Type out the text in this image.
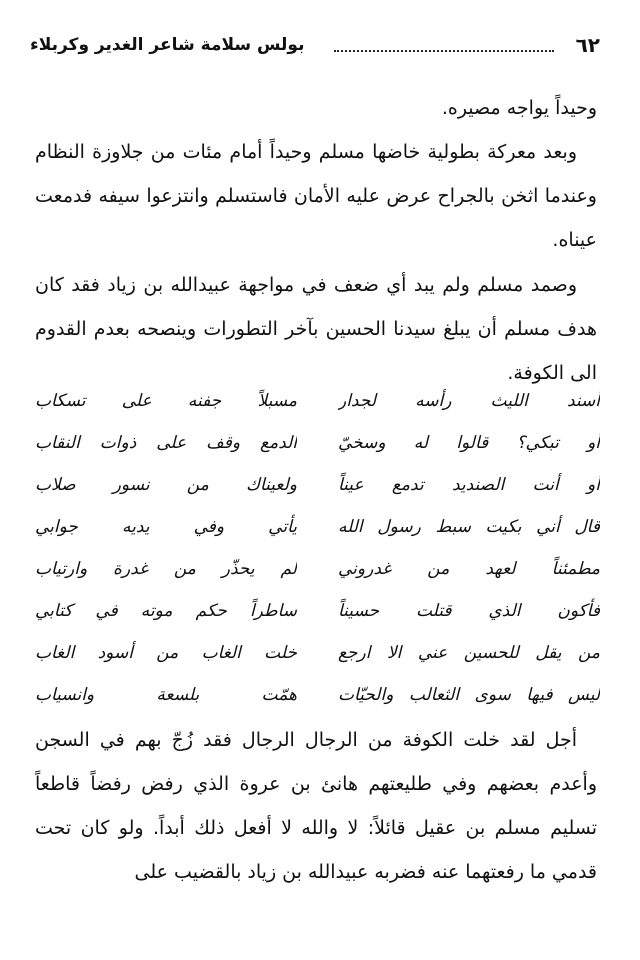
٦٢
بولس سلامة شاعر الغدير وكربلاء

وحيداً يواجه مصيره.

وبعد معركة بطولية خاضها مسلم وحيداً أمام مئات من جلاوزة النظام وعندما اثخن بالجراح عرض عليه الأمان فاستسلم وانتزعوا سيفه فدمعت عيناه.

وصمد مسلم ولم يبد أي ضعف في مواجهة عبيدالله بن زياد فقد كان هدف مسلم أن يبلغ سيدنا الحسين بآخر التطورات وينصحه بعدم القدوم الى الكوفة.

أسند الليث رأسه لجدار
مسبلاً جفنه على تسكاب
أو تبكي؟ قالوا له وسخيّ
الدمع وقف على ذوات النقاب
أو أنت الصنديد تدمع عيناً
ولعيناك من نسور صلاب
قال أني بكيت سبط رسول الله
يأتي وفي يديه جوابي
مطمئناً لعهد من غدروني
لم يحذّر من غدرة وارتياب
فأكون الذي قتلت حسيناً
ساطراً حكم موته في كتابي
من يقل للحسين عني الا ارجع
خلت الغاب من أسود الغاب
ليس فيها سوى الثعالب والحيّات
همّت بلسعة وانسياب

أجل لقد خلت الكوفة من الرجال الرجال فقد زُجّ بهم في السجن وأعدم بعضهم وفي طليعتهم هانئ بن عروة الذي رفض رفضاً قاطعاً تسليم مسلم بن عقيل قائلاً: لا والله لا أفعل ذلك أبداً. ولو كان تحت قدمي ما رفعتهما عنه فضربه عبيدالله بن زياد بالقضيب على
